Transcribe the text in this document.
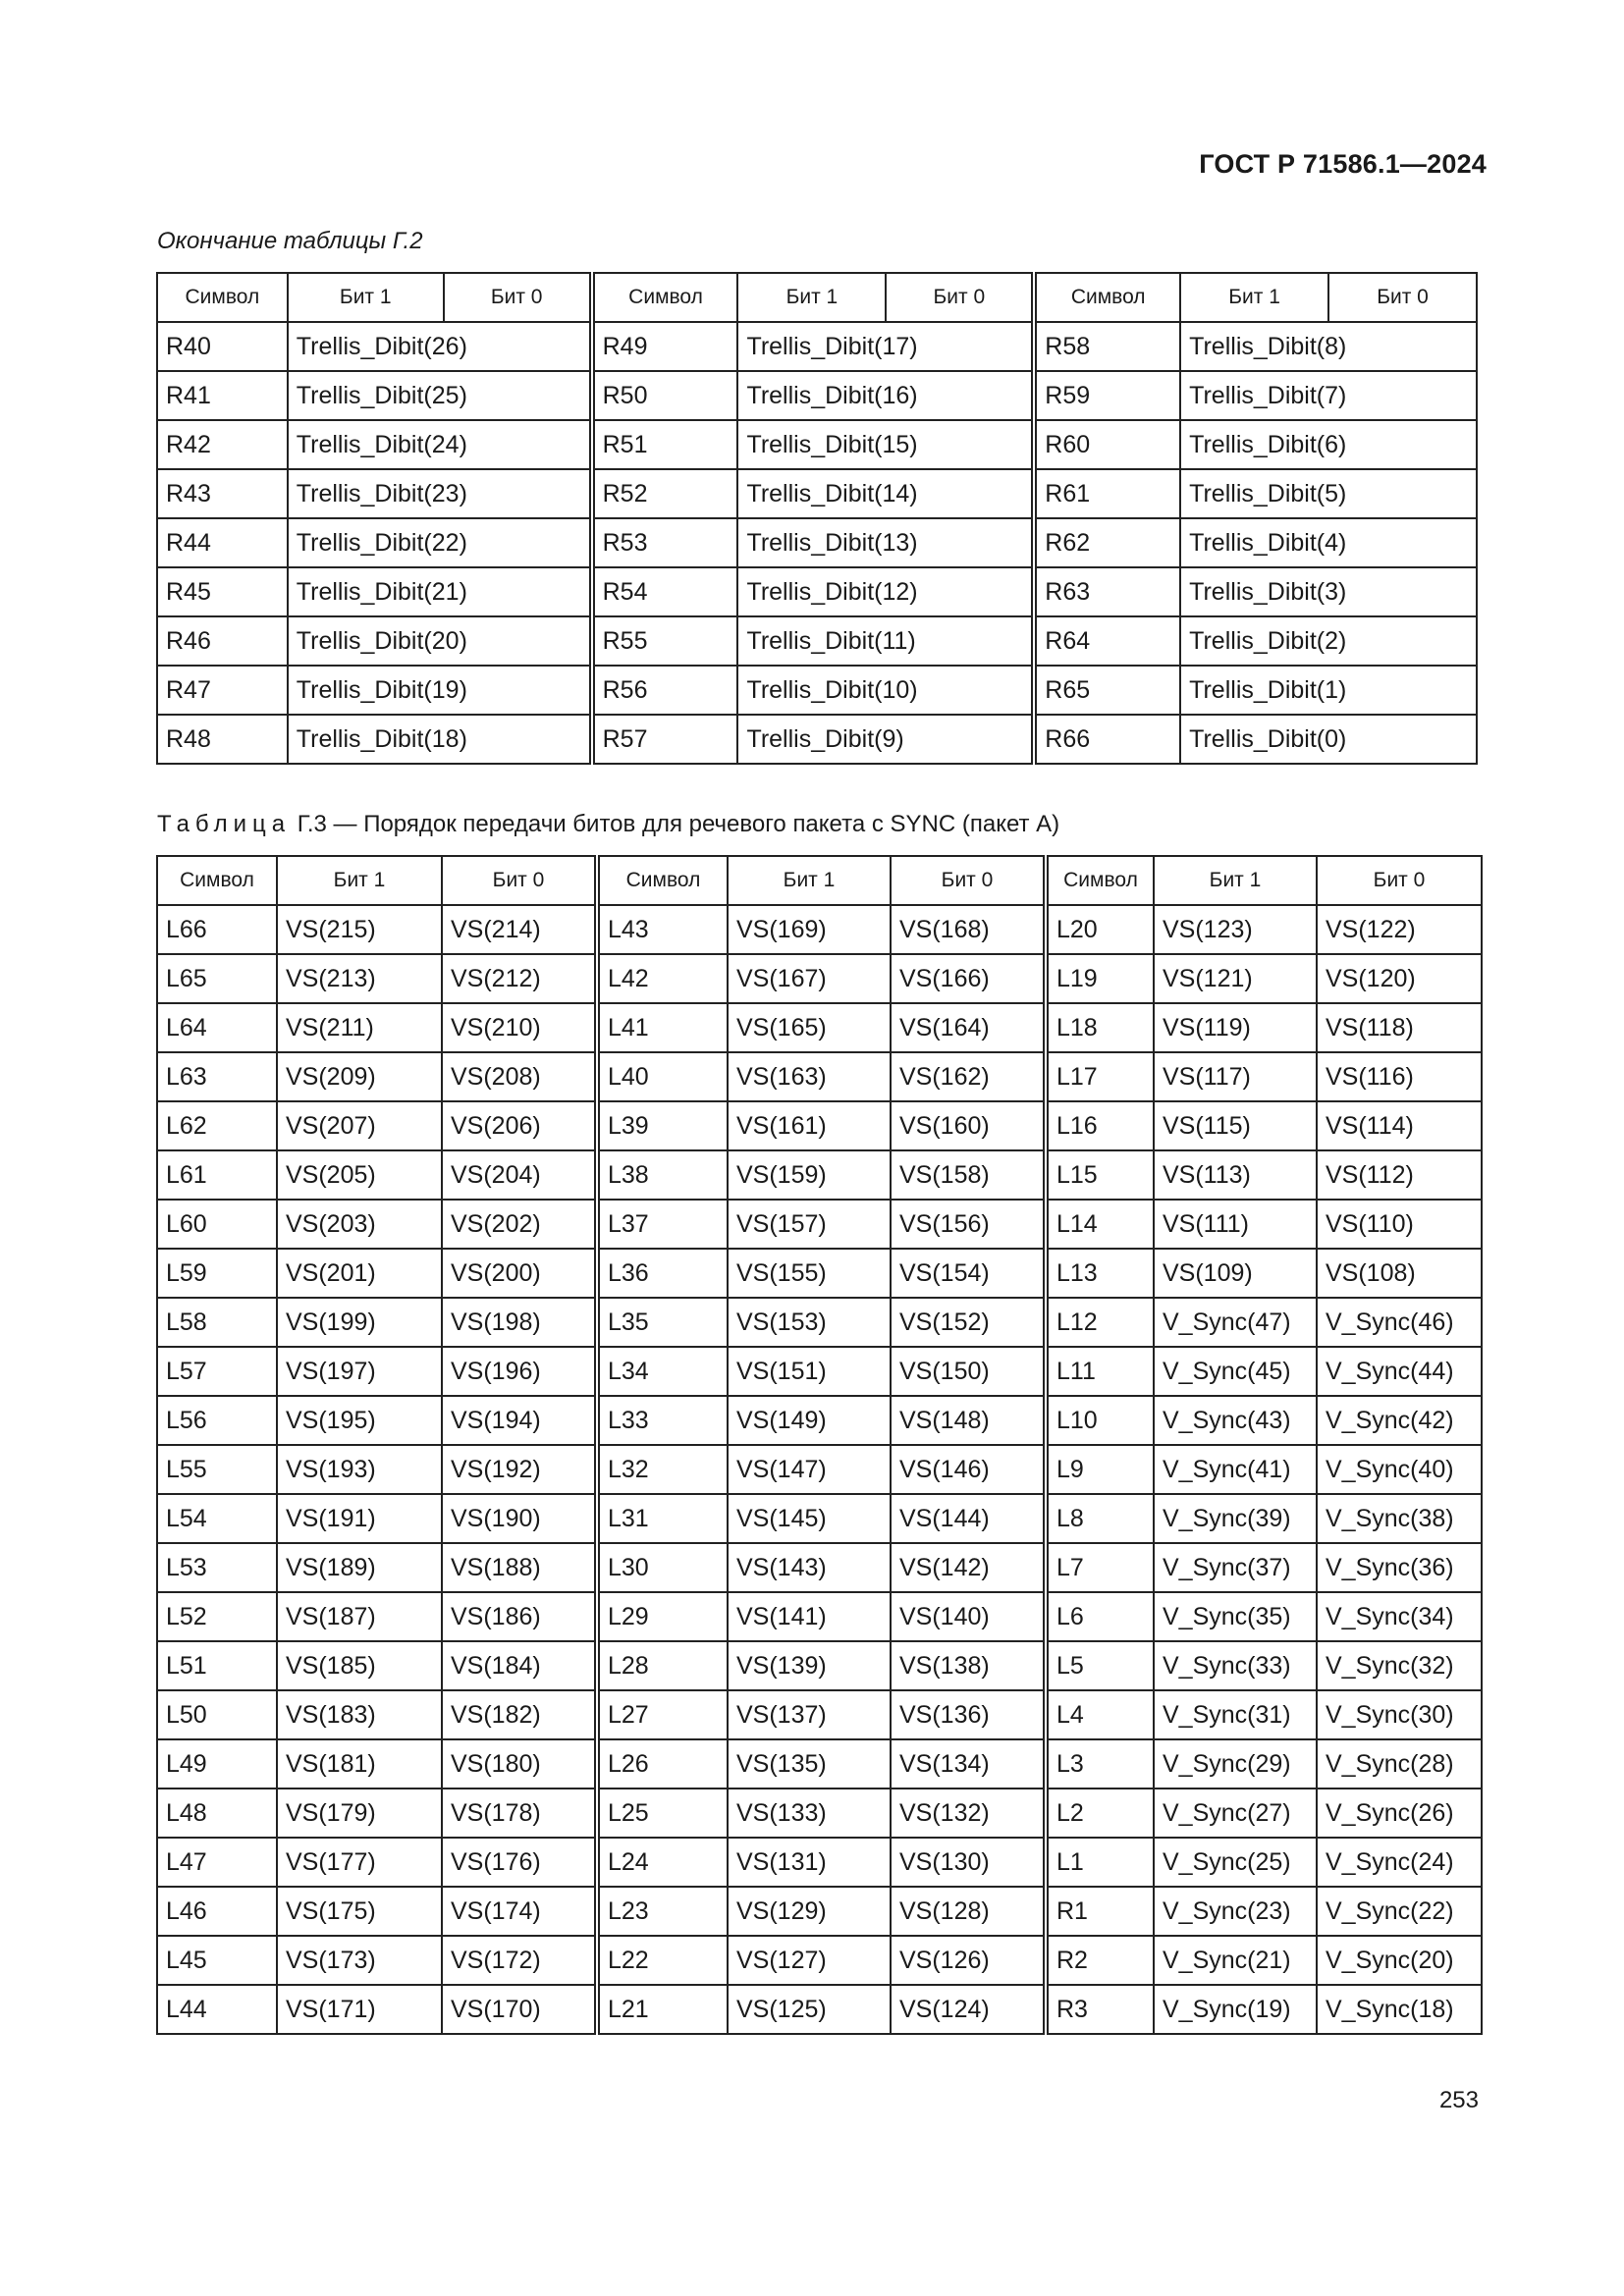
ГОСТ Р 71586.1—2024
Окончание таблицы Г.2
Символ	Бит 1	Бит 0	Символ	Бит 1	Бит 0	Символ	Бит 1	Бит 0
R40	Trellis_Dibit(26)		R49	Trellis_Dibit(17)		R58	Trellis_Dibit(8)	
R41	Trellis_Dibit(25)		R50	Trellis_Dibit(16)		R59	Trellis_Dibit(7)	
R42	Trellis_Dibit(24)		R51	Trellis_Dibit(15)		R60	Trellis_Dibit(6)	
R43	Trellis_Dibit(23)		R52	Trellis_Dibit(14)		R61	Trellis_Dibit(5)	
R44	Trellis_Dibit(22)		R53	Trellis_Dibit(13)		R62	Trellis_Dibit(4)	
R45	Trellis_Dibit(21)		R54	Trellis_Dibit(12)		R63	Trellis_Dibit(3)	
R46	Trellis_Dibit(20)		R55	Trellis_Dibit(11)		R64	Trellis_Dibit(2)	
R47	Trellis_Dibit(19)		R56	Trellis_Dibit(10)		R65	Trellis_Dibit(1)	
R48	Trellis_Dibit(18)		R57	Trellis_Dibit(9)		R66	Trellis_Dibit(0)	
Таблица Г.3 — Порядок передачи битов для речевого пакета с SYNC (пакет А)
Символ	Бит 1	Бит 0	Символ	Бит 1	Бит 0	Символ	Бит 1	Бит 0
L66	VS(215)	VS(214)	L43	VS(169)	VS(168)	L20	VS(123)	VS(122)
L65	VS(213)	VS(212)	L42	VS(167)	VS(166)	L19	VS(121)	VS(120)
L64	VS(211)	VS(210)	L41	VS(165)	VS(164)	L18	VS(119)	VS(118)
L63	VS(209)	VS(208)	L40	VS(163)	VS(162)	L17	VS(117)	VS(116)
L62	VS(207)	VS(206)	L39	VS(161)	VS(160)	L16	VS(115)	VS(114)
L61	VS(205)	VS(204)	L38	VS(159)	VS(158)	L15	VS(113)	VS(112)
L60	VS(203)	VS(202)	L37	VS(157)	VS(156)	L14	VS(111)	VS(110)
L59	VS(201)	VS(200)	L36	VS(155)	VS(154)	L13	VS(109)	VS(108)
L58	VS(199)	VS(198)	L35	VS(153)	VS(152)	L12	V_Sync(47)	V_Sync(46)
L57	VS(197)	VS(196)	L34	VS(151)	VS(150)	L11	V_Sync(45)	V_Sync(44)
L56	VS(195)	VS(194)	L33	VS(149)	VS(148)	L10	V_Sync(43)	V_Sync(42)
L55	VS(193)	VS(192)	L32	VS(147)	VS(146)	L9	V_Sync(41)	V_Sync(40)
L54	VS(191)	VS(190)	L31	VS(145)	VS(144)	L8	V_Sync(39)	V_Sync(38)
L53	VS(189)	VS(188)	L30	VS(143)	VS(142)	L7	V_Sync(37)	V_Sync(36)
L52	VS(187)	VS(186)	L29	VS(141)	VS(140)	L6	V_Sync(35)	V_Sync(34)
L51	VS(185)	VS(184)	L28	VS(139)	VS(138)	L5	V_Sync(33)	V_Sync(32)
L50	VS(183)	VS(182)	L27	VS(137)	VS(136)	L4	V_Sync(31)	V_Sync(30)
L49	VS(181)	VS(180)	L26	VS(135)	VS(134)	L3	V_Sync(29)	V_Sync(28)
L48	VS(179)	VS(178)	L25	VS(133)	VS(132)	L2	V_Sync(27)	V_Sync(26)
L47	VS(177)	VS(176)	L24	VS(131)	VS(130)	L1	V_Sync(25)	V_Sync(24)
L46	VS(175)	VS(174)	L23	VS(129)	VS(128)	R1	V_Sync(23)	V_Sync(22)
L45	VS(173)	VS(172)	L22	VS(127)	VS(126)	R2	V_Sync(21)	V_Sync(20)
L44	VS(171)	VS(170)	L21	VS(125)	VS(124)	R3	V_Sync(19)	V_Sync(18)
253
